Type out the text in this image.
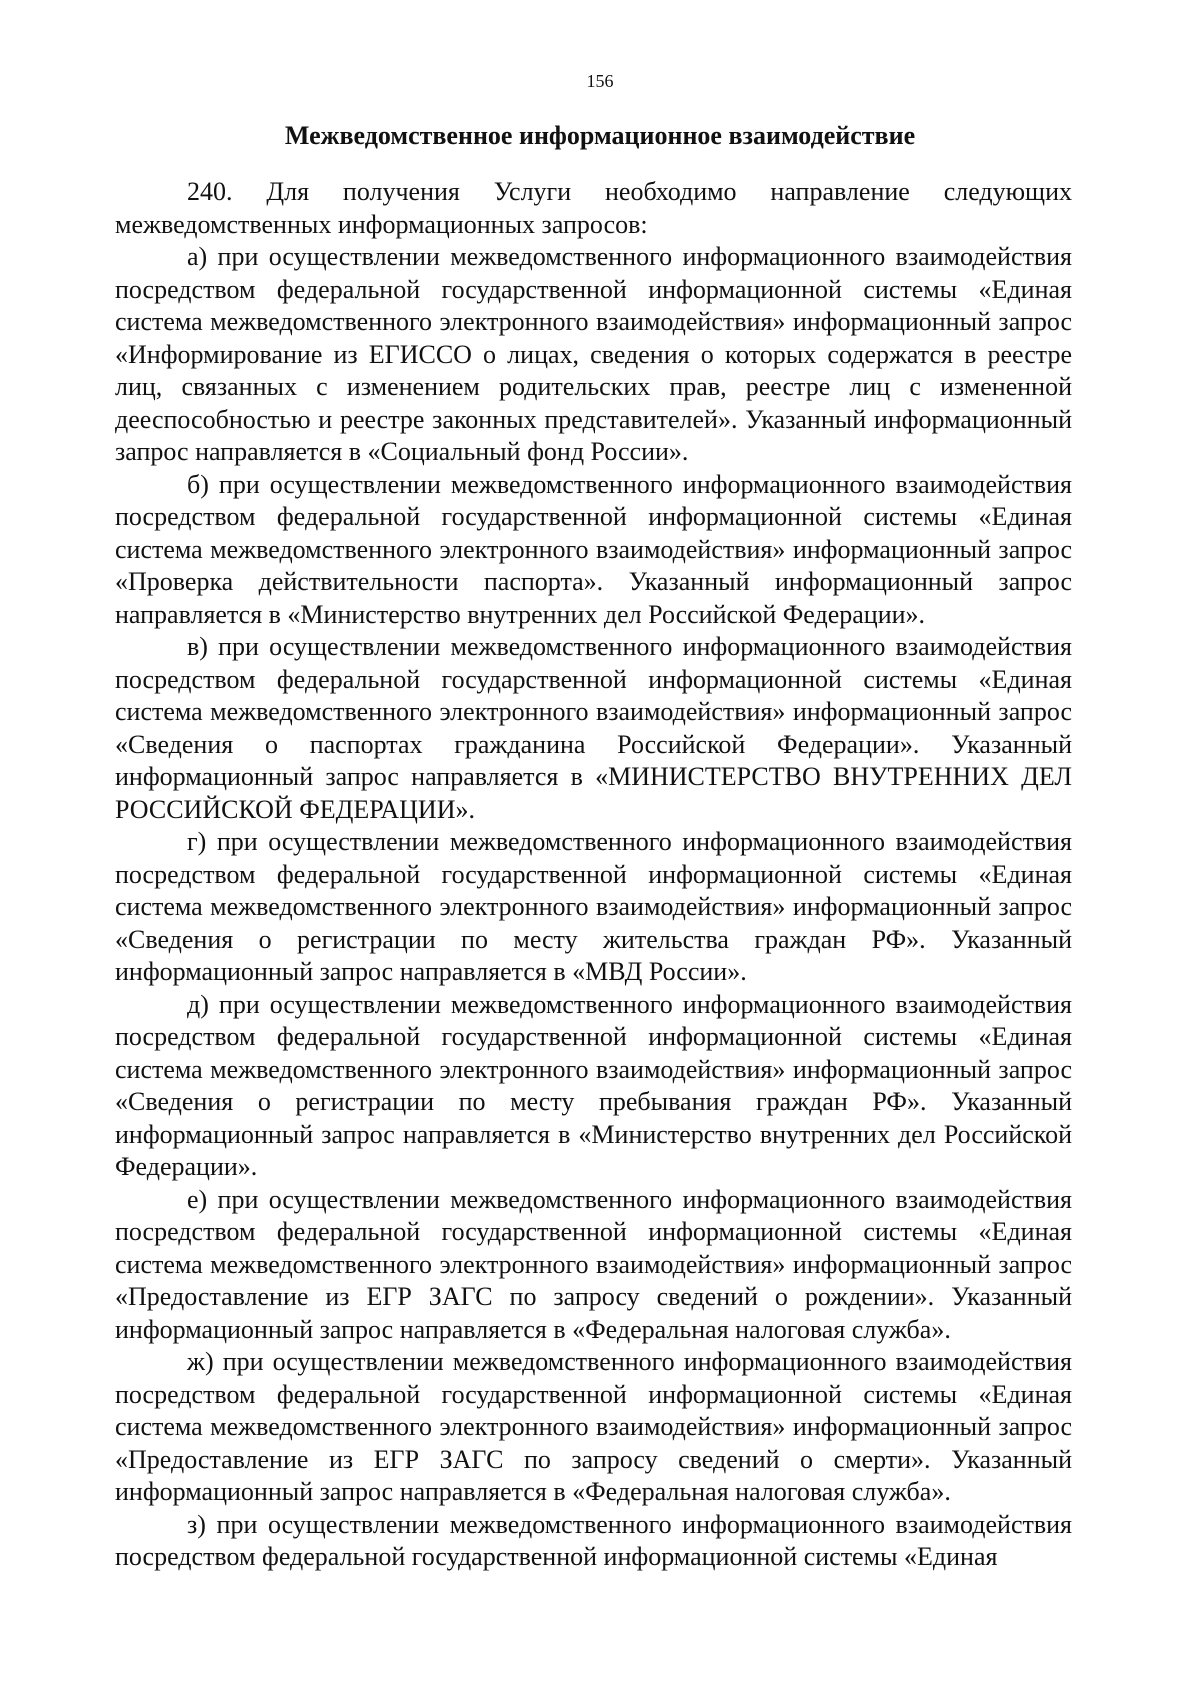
156
Межведомственное информационное взаимодействие

240. Для получения Услуги необходимо направление следующих межведомственных информационных запросов:

а) при осуществлении межведомственного информационного взаимодействия посредством федеральной государственной информационной системы «Единая система межведомственного электронного взаимодействия» информационный запрос «Информирование из ЕГИССО о лицах, сведения о которых содержатся в реестре лиц, связанных с изменением родительских прав, реестре лиц с измененной дееспособностью и реестре законных представителей». Указанный информационный запрос направляется в «Социальный фонд России».

б) при осуществлении межведомственного информационного взаимодействия посредством федеральной государственной информационной системы «Единая система межведомственного электронного взаимодействия» информационный запрос «Проверка действительности паспорта». Указанный информационный запрос направляется в «Министерство внутренних дел Российской Федерации».

в) при осуществлении межведомственного информационного взаимодействия посредством федеральной государственной информационной системы «Единая система межведомственного электронного взаимодействия» информационный запрос «Сведения о паспортах гражданина Российской Федерации». Указанный информационный запрос направляется в «МИНИСТЕРСТВО ВНУТРЕННИХ ДЕЛ РОССИЙСКОЙ ФЕДЕРАЦИИ».

г) при осуществлении межведомственного информационного взаимодействия посредством федеральной государственной информационной системы «Единая система межведомственного электронного взаимодействия» информационный запрос «Сведения о регистрации по месту жительства граждан РФ». Указанный информационный запрос направляется в «МВД России».

д) при осуществлении межведомственного информационного взаимодействия посредством федеральной государственной информационной системы «Единая система межведомственного электронного взаимодействия» информационный запрос «Сведения о регистрации по месту пребывания граждан РФ». Указанный информационный запрос направляется в «Министерство внутренних дел Российской Федерации».

е) при осуществлении межведомственного информационного взаимодействия посредством федеральной государственной информационной системы «Единая система межведомственного электронного взаимодействия» информационный запрос «Предоставление из ЕГР ЗАГС по запросу сведений о рождении». Указанный информационный запрос направляется в «Федеральная налоговая служба».

ж) при осуществлении межведомственного информационного взаимодействия посредством федеральной государственной информационной системы «Единая система межведомственного электронного взаимодействия» информационный запрос «Предоставление из ЕГР ЗАГС по запросу сведений о смерти». Указанный информационный запрос направляется в «Федеральная налоговая служба».

з) при осуществлении межведомственного информационного взаимодействия посредством федеральной государственной информационной системы «Единая
